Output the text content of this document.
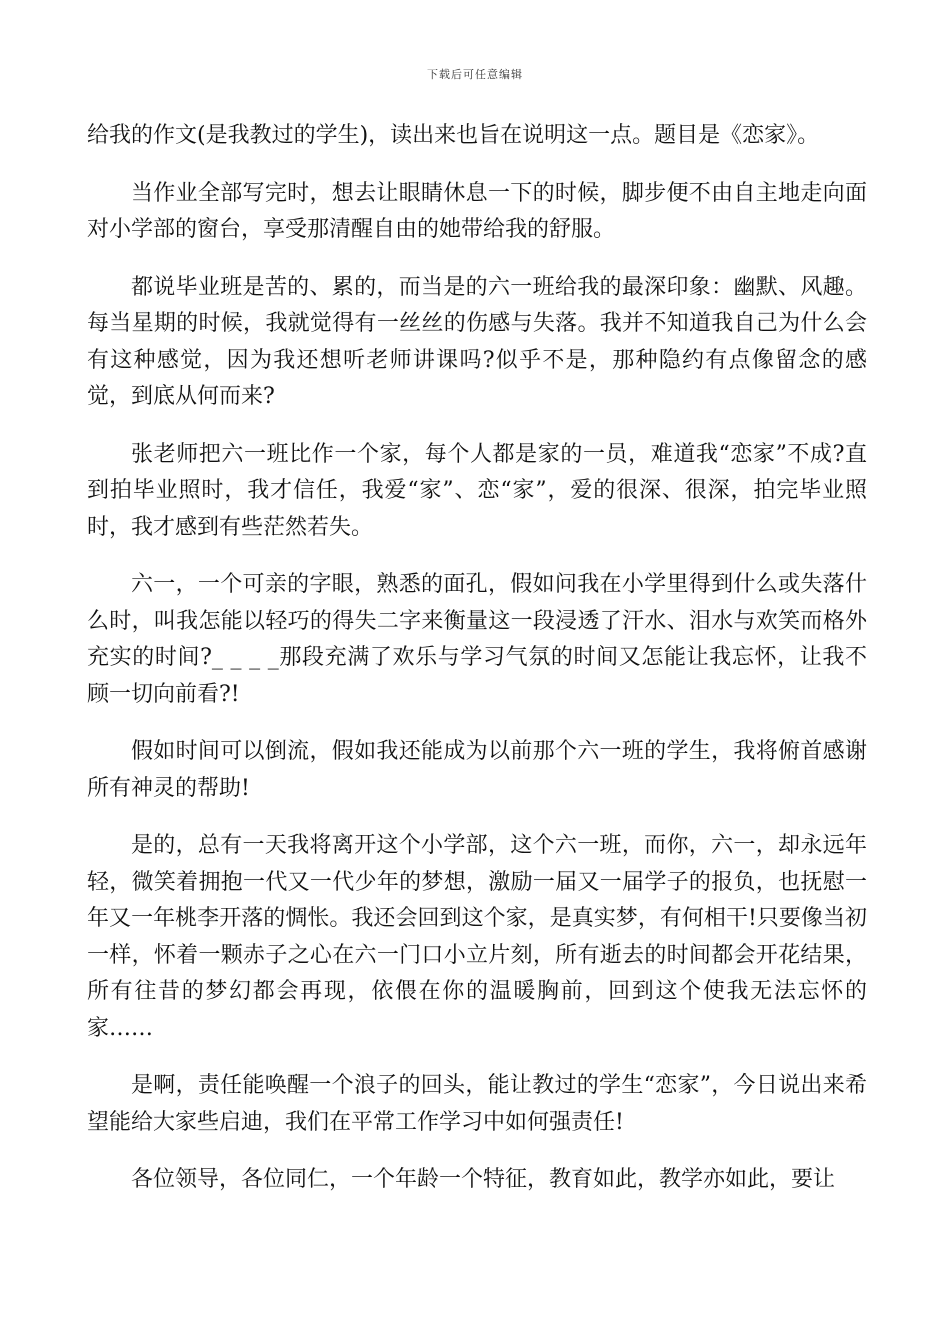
下载后可任意编辑

给我的作文(是我教过的学生)，读出来也旨在说明这一点。题目是《恋家》。

当作业全部写完时，想去让眼睛休息一下的时候，脚步便不由自主地走向面对小学部的窗台，享受那清醒自由的她带给我的舒服。

都说毕业班是苦的、累的，而当是的六一班给我的最深印象：幽默、风趣。每当星期的时候，我就觉得有一丝丝的伤感与失落。我并不知道我自己为什么会有这种感觉，因为我还想听老师讲课吗?似乎不是，那种隐约有点像留念的感觉，到底从何而来?

张老师把六一班比作一个家，每个人都是家的一员，难道我“恋家”不成?直到拍毕业照时，我才信任，我爱“家”、恋“家”，爱的很深、很深，拍完毕业照时，我才感到有些茫然若失。

六一，一个可亲的字眼，熟悉的面孔，假如问我在小学里得到什么或失落什么时，叫我怎能以轻巧的得失二字来衡量这一段浸透了汗水、泪水与欢笑而格外充实的时间?_ _ _ _那段充满了欢乐与学习气氛的时间又怎能让我忘怀，让我不顾一切向前看?!

假如时间可以倒流，假如我还能成为以前那个六一班的学生，我将俯首感谢所有神灵的帮助!

是的，总有一天我将离开这个小学部，这个六一班，而你，六一，却永远年轻，微笑着拥抱一代又一代少年的梦想，激励一届又一届学子的报负，也抚慰一年又一年桃李开落的惆怅。我还会回到这个家，是真实梦，有何相干!只要像当初一样，怀着一颗赤子之心在六一门口小立片刻，所有逝去的时间都会开花结果，所有往昔的梦幻都会再现，依偎在你的温暖胸前，回到这个使我无法忘怀的家……

是啊，责任能唤醒一个浪子的回头，能让教过的学生“恋家”，今日说出来希望能给大家些启迪，我们在平常工作学习中如何强责任!

各位领导，各位同仁，一个年龄一个特征，教育如此，教学亦如此，要让
